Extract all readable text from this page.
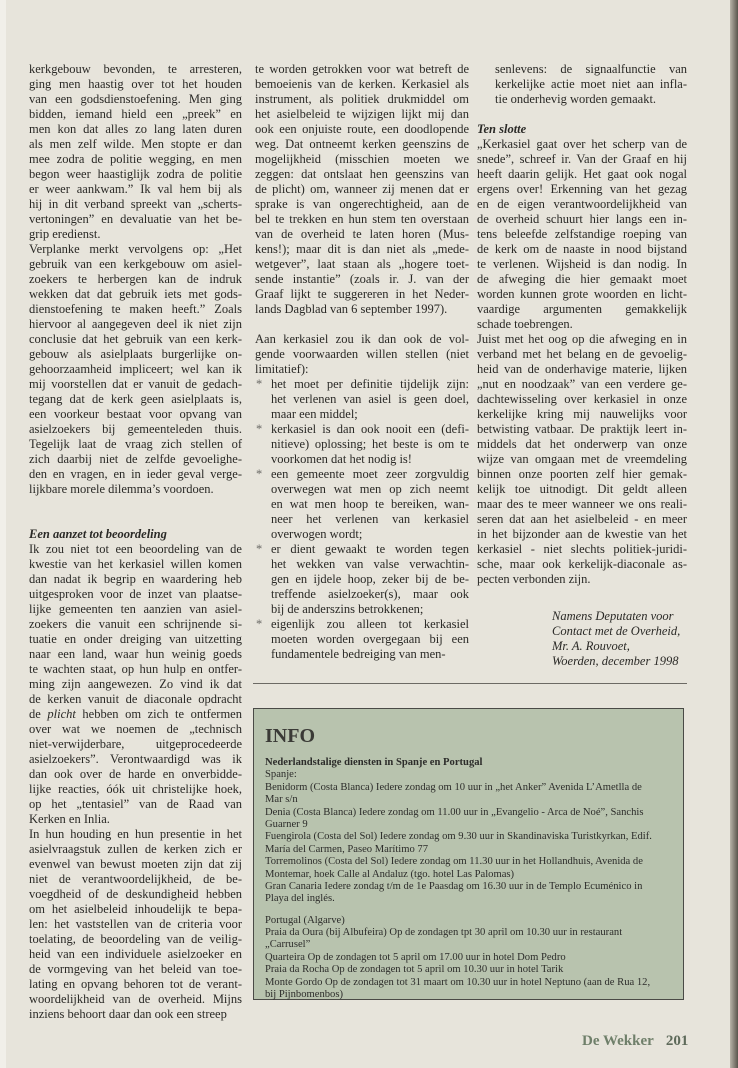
kerkgebouw bevonden, te arresteren,
ging men haastig over tot het houden
van een godsdienstoefening. Men ging
bidden, iemand hield een „preek” en
men kon dat alles zo lang laten duren
als men zelf wilde. Men stopte er dan
mee zodra de politie wegging, en men
begon weer haastiglijk zodra de politie
er weer aankwam.” Ik val hem bij als
hij in dit verband spreekt van „scherts-
vertoningen” en devaluatie van het be-
grip eredienst.
Verplanke merkt vervolgens op: „Het
gebruik van een kerkgebouw om asiel-
zoekers te herbergen kan de indruk
wekken dat dat gebruik iets met gods-
dienstoefening te maken heeft.” Zoals
hiervoor al aangegeven deel ik niet zijn
conclusie dat het gebruik van een kerk-
gebouw als asielplaats burgerlijke on-
gehoorzaamheid impliceert; wel kan ik
mij voorstellen dat er vanuit de gedach-
tegang dat de kerk geen asielplaats is,
een voorkeur bestaat voor opvang van
asielzoekers bij gemeenteleden thuis.
Tegelijk laat de vraag zich stellen of
zich daarbij niet de zelfde gevoelighe-
den en vragen, en in ieder geval verge-
lijkbare morele dilemma’s voordoen.
Een aanzet tot beoordeling
Ik zou niet tot een beoordeling van de
kwestie van het kerkasiel willen komen
dan nadat ik begrip en waardering heb
uitgesproken voor de inzet van plaatse-
lijke gemeenten ten aanzien van asiel-
zoekers die vanuit een schrijnende si-
tuatie en onder dreiging van uitzetting
naar een land, waar hun weinig goeds
te wachten staat, op hun hulp en ontfer-
ming zijn aangewezen. Zo vind ik dat
de kerken vanuit de diaconale opdracht
de plicht hebben om zich te ontfermen
over wat we noemen de „technisch
niet-verwijderbare, uitgeprocedeerde
asielzoekers”. Verontwaardigd was ik
dan ook over de harde en onverbidde-
lijke reacties, óók uit christelijke hoek,
op het „tentasiel” van de Raad van
Kerken en Inlia.
In hun houding en hun presentie in het
asielvraagstuk zullen de kerken zich er
evenwel van bewust moeten zijn dat zij
niet de verantwoordelijkheid, de be-
voegdheid of de deskundigheid hebben
om het asielbeleid inhoudelijk te bepa-
len: het vaststellen van de criteria voor
toelating, de beoordeling van de veilig-
heid van een individuele asielzoeker en
de vormgeving van het beleid van toe-
lating en opvang behoren tot de verant-
woordelijkheid van de overheid. Mijns
inziens behoort daar dan ook een streep
te worden getrokken voor wat betreft de
bemoeienis van de kerken. Kerkasiel als
instrument, als politiek drukmiddel om
het asielbeleid te wijzigen lijkt mij dan
ook een onjuiste route, een doodlopende
weg. Dat ontneemt kerken geenszins de
mogelijkheid (misschien moeten we
zeggen: dat ontslaat hen geenszins van
de plicht) om, wanneer zij menen dat er
sprake is van ongerechtigheid, aan de
bel te trekken en hun stem ten overstaan
van de overheid te laten horen (Mus-
kens!); maar dit is dan niet als „mede-
wetgever”, laat staan als „hogere toet-
sende instantie” (zoals ir. J. van der
Graaf lijkt te suggereren in het Neder-
lands Dagblad van 6 september 1997).
Aan kerkasiel zou ik dan ook de vol-
gende voorwaarden willen stellen (niet
limitatief):
* het moet per definitie tijdelijk zijn:
het verlenen van asiel is geen doel,
maar een middel;
* kerkasiel is dan ook nooit een (defi-
nitieve) oplossing; het beste is om te
voorkomen dat het nodig is!
* een gemeente moet zeer zorgvuldig
overwegen wat men op zich neemt
en wat men hoop te bereiken, wan-
neer het verlenen van kerkasiel
overwogen wordt;
* er dient gewaakt te worden tegen
het wekken van valse verwachtin-
gen en ijdele hoop, zeker bij de be-
treffende asielzoeker(s), maar ook
bij de anderszins betrokkenen;
* eigenlijk zou alleen tot kerkasiel
moeten worden overgegaan bij een
fundamentele bedreiging van men-
senlevens: de signaalfunctie van
kerkelijke actie moet niet aan infla-
tie onderhevig worden gemaakt.
Ten slotte
„Kerkasiel gaat over het scherp van de
snede”, schreef ir. Van der Graaf en hij
heeft daarin gelijk. Het gaat ook nogal
ergens over! Erkenning van het gezag
en de eigen verantwoordelijkheid van
de overheid schuurt hier langs een in-
tens beleefde zelfstandige roeping van
de kerk om de naaste in nood bijstand
te verlenen. Wijsheid is dan nodig. In
de afweging die hier gemaakt moet
worden kunnen grote woorden en licht-
vaardige argumenten gemakkelijk
schade toebrengen.
Juist met het oog op die afweging en in
verband met het belang en de gevoelig-
heid van de onderhavige materie, lijken
„nut en noodzaak” van een verdere ge-
dachtewisseling over kerkasiel in onze
kerkelijke kring mij nauwelijks voor
betwisting vatbaar. De praktijk leert in-
middels dat het onderwerp van onze
wijze van omgaan met de vreemdeling
binnen onze poorten zelf hier gemak-
kelijk toe uitnodigt. Dit geldt alleen
maar des te meer wanneer we ons reali-
seren dat aan het asielbeleid - en meer
in het bijzonder aan de kwestie van het
kerkasiel - niet slechts politiek-juridi-
sche, maar ook kerkelijk-diaconale as-
pecten verbonden zijn.
Namens Deputaten voor
Contact met de Overheid,
Mr. A. Rouvoet,
Woerden, december 1998
INFO
Nederlandstalige diensten in Spanje en Portugal
Spanje:
Benidorm (Costa Blanca) Iedere zondag om 10 uur in „het Anker” Avenida L’Ametlla de
Mar s/n
Denia (Costa Blanca) Iedere zondag om 11.00 uur in „Evangelio - Arca de Noé”, Sanchis
Guarner 9
Fuengirola (Costa del Sol) Iedere zondag om 9.30 uur in Skandinaviska Turistkyrkan, Edif.
María del Carmen, Paseo Marítimo 77
Torremolinos (Costa del Sol) Iedere zondag om 11.30 uur in het Hollandhuis, Avenida de
Montemar, hoek Calle al Andaluz (tgo. hotel Las Palomas)
Gran Canaria Iedere zondag t/m de 1e Paasdag om 16.30 uur in de Templo Ecuménico in
Playa del inglés.
Portugal (Algarve)
Praia da Oura (bij Albufeira) Op de zondagen tpt 30 april om 10.30 uur in restaurant
„Carrusel”
Quarteira Op de zondagen tot 5 april om 17.00 uur in hotel Dom Pedro
Praia da Rocha Op de zondagen tot 5 april om 10.30 uur in hotel Tarik
Monte Gordo Op de zondagen tot 31 maart om 10.30 uur in hotel Neptuno (aan de Rua 12,
bij Pijnbomenbos)
De Wekker 201
